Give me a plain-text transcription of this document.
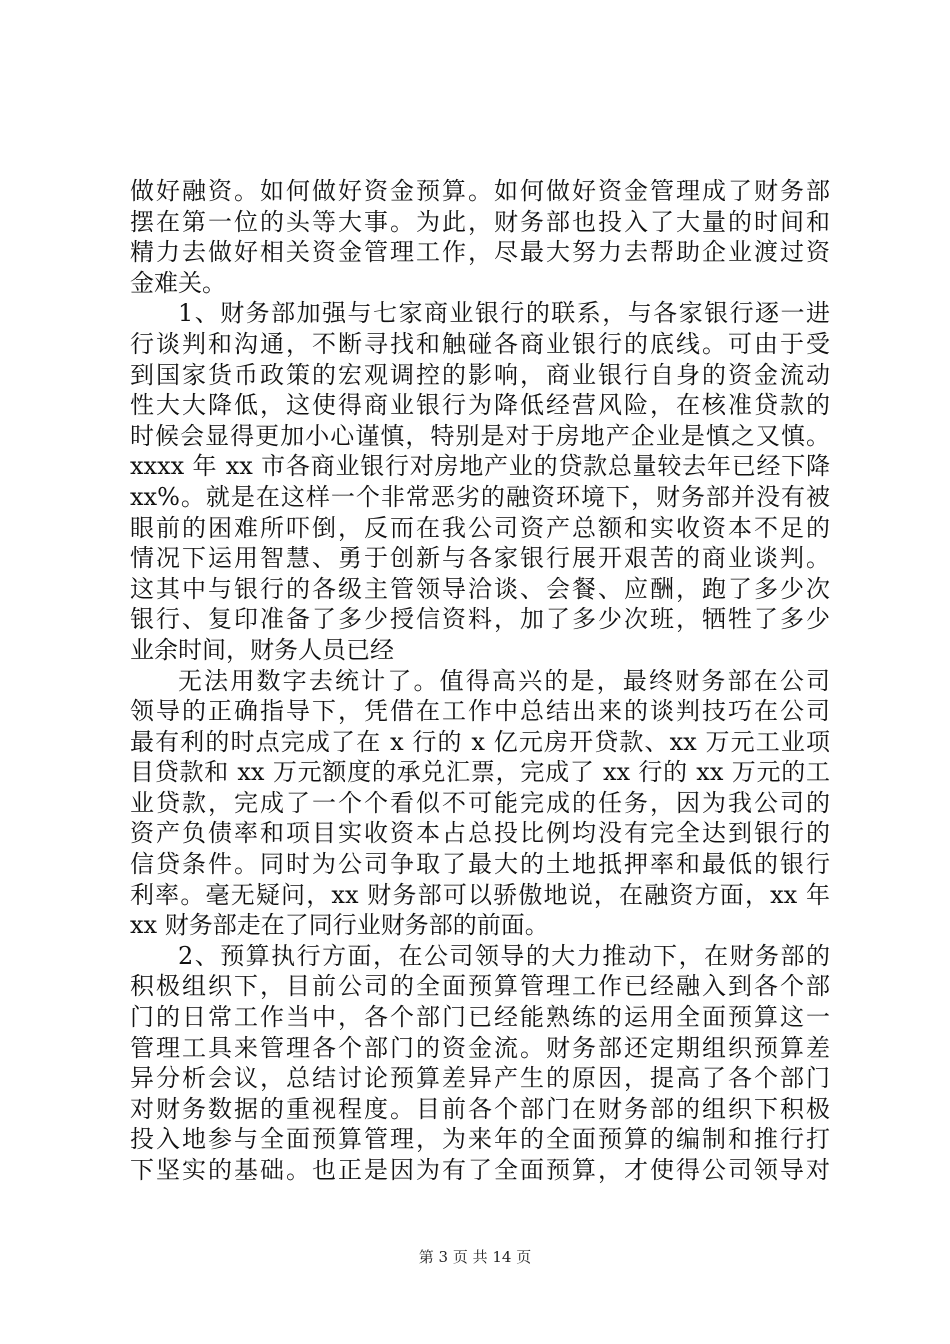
做好融资。如何做好资金预算。如何做好资金管理成了财务部
摆在第一位的头等大事。为此，财务部也投入了大量的时间和
精力去做好相关资金管理工作，尽最大努力去帮助企业渡过资
金难关。
1、财务部加强与七家商业银行的联系，与各家银行逐一进
行谈判和沟通，不断寻找和触碰各商业银行的底线。可由于受
到国家货币政策的宏观调控的影响，商业银行自身的资金流动
性大大降低，这使得商业银行为降低经营风险，在核准贷款的
时候会显得更加小心谨慎，特别是对于房地产企业是慎之又慎。
xxxx 年 xx 市各商业银行对房地产业的贷款总量较去年已经下降
xx%。就是在这样一个非常恶劣的融资环境下，财务部并没有被
眼前的困难所吓倒，反而在我公司资产总额和实收资本不足的
情况下运用智慧、勇于创新与各家银行展开艰苦的商业谈判。
这其中与银行的各级主管领导洽谈、会餐、应酬，跑了多少次
银行、复印准备了多少授信资料，加了多少次班，牺牲了多少
业余时间，财务人员已经
无法用数字去统计了。值得高兴的是，最终财务部在公司
领导的正确指导下，凭借在工作中总结出来的谈判技巧在公司
最有利的时点完成了在 x 行的 x 亿元房开贷款、xx 万元工业项
目贷款和 xx 万元额度的承兑汇票，完成了 xx 行的 xx 万元的工
业贷款，完成了一个个看似不可能完成的任务，因为我公司的
资产负债率和项目实收资本占总投比例均没有完全达到银行的
信贷条件。同时为公司争取了最大的土地抵押率和最低的银行
利率。毫无疑问，xx 财务部可以骄傲地说，在融资方面，xx 年
xx 财务部走在了同行业财务部的前面。
2、预算执行方面，在公司领导的大力推动下，在财务部的
积极组织下，目前公司的全面预算管理工作已经融入到各个部
门的日常工作当中，各个部门已经能熟练的运用全面预算这一
管理工具来管理各个部门的资金流。财务部还定期组织预算差
异分析会议，总结讨论预算差异产生的原因，提高了各个部门
对财务数据的重视程度。目前各个部门在财务部的组织下积极
投入地参与全面预算管理，为来年的全面预算的编制和推行打
下坚实的基础。也正是因为有了全面预算，才使得公司领导对
第 3 页 共 14 页
